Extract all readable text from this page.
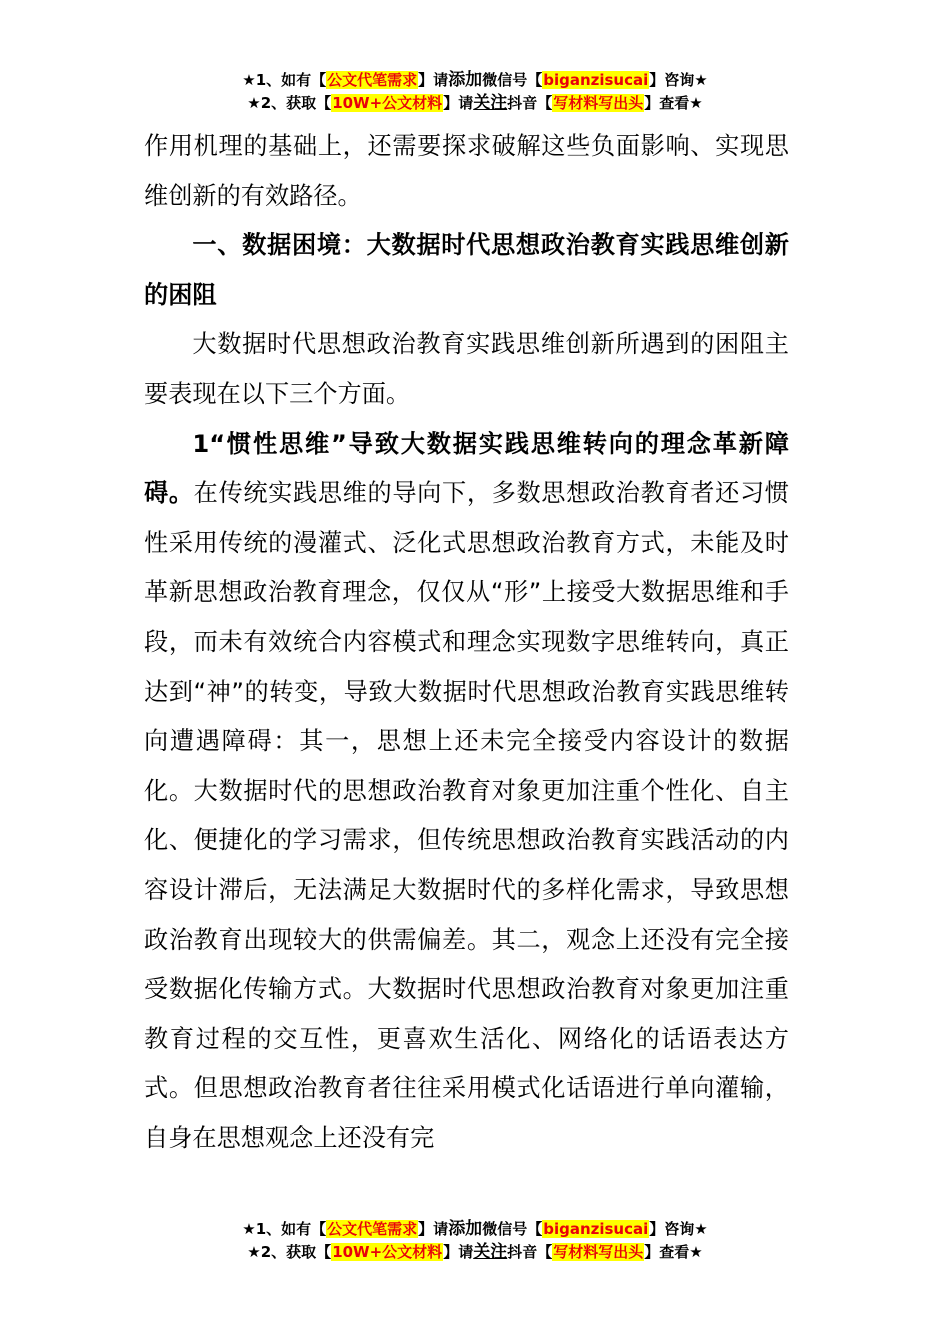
★1、如有【公文代笔需求】请添加微信号【biganzisucai】咨询★
★2、获取【10W+公文材料】请关注抖音【写材料写出头】查看★

作用机理的基础上，还需要探求破解这些负面影响、实现思维创新的有效路径。

一、数据困境：大数据时代思想政治教育实践思维创新的困阻

大数据时代思想政治教育实践思维创新所遇到的困阻主要表现在以下三个方面。

1“惯性思维”导致大数据实践思维转向的理念革新障碍。在传统实践思维的导向下，多数思想政治教育者还习惯性采用传统的漫灌式、泛化式思想政治教育方式，未能及时革新思想政治教育理念，仅仅从“形”上接受大数据思维和手段，而未有效统合内容模式和理念实现数字思维转向，真正达到“神”的转变，导致大数据时代思想政治教育实践思维转向遭遇障碍：其一，思想上还未完全接受内容设计的数据化。大数据时代的思想政治教育对象更加注重个性化、自主化、便捷化的学习需求，但传统思想政治教育实践活动的内容设计滞后，无法满足大数据时代的多样化需求，导致思想政治教育出现较大的供需偏差。其二，观念上还没有完全接受数据化传输方式。大数据时代思想政治教育对象更加注重教育过程的交互性，更喜欢生活化、网络化的话语表达方式。但思想政治教育者往往采用模式化话语进行单向灌输，自身在思想观念上还没有完

★1、如有【公文代笔需求】请添加微信号【biganzisucai】咨询★
★2、获取【10W+公文材料】请关注抖音【写材料写出头】查看★
